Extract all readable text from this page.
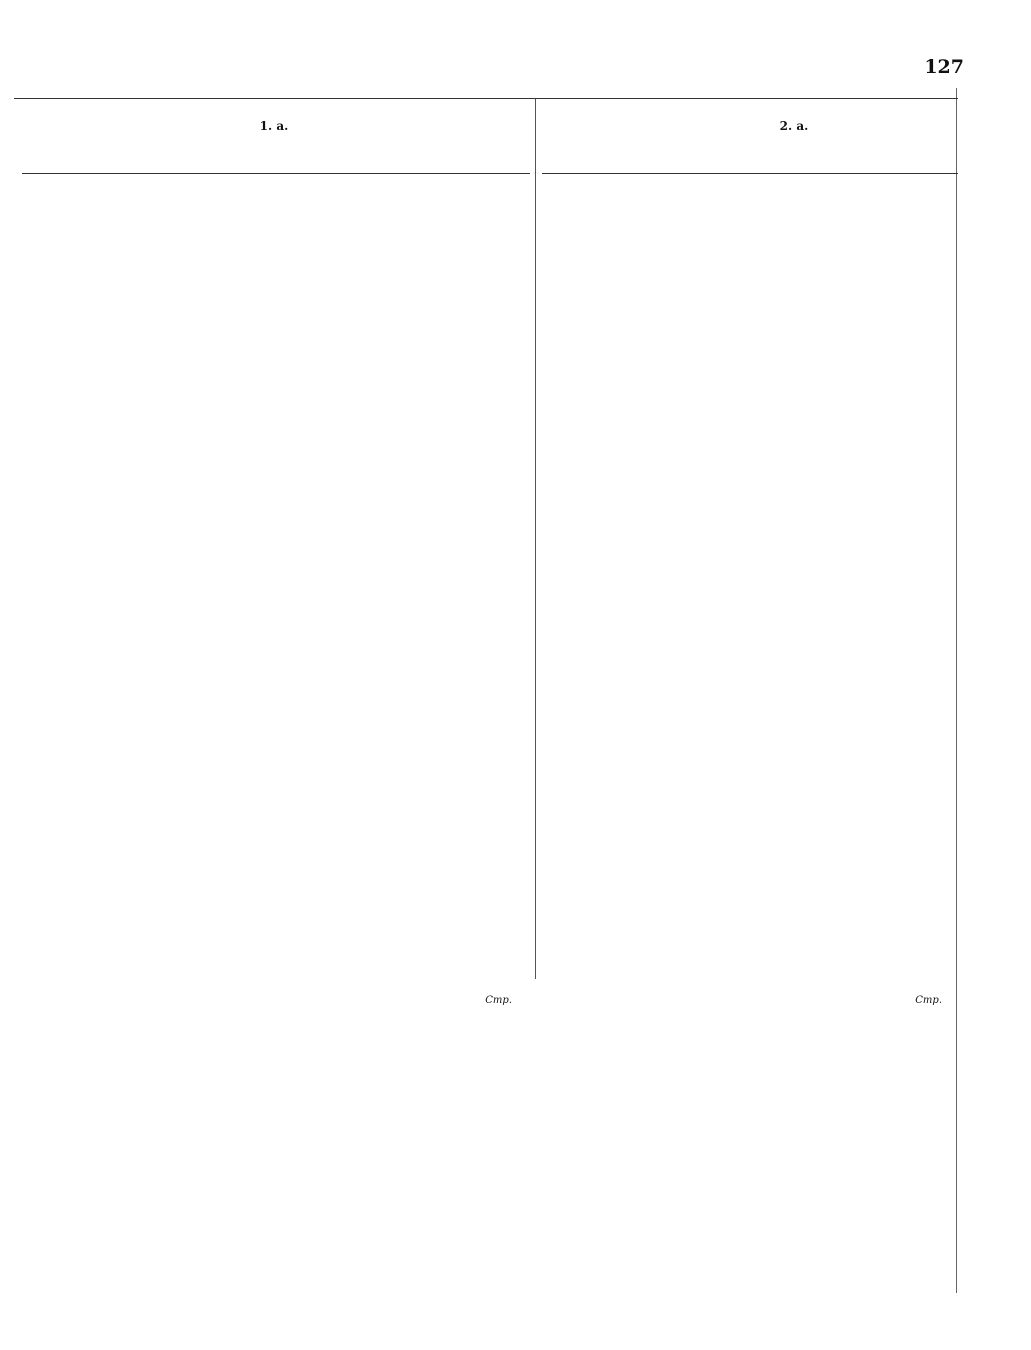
127
1. а.	2. а.
Стр.	Стр.
